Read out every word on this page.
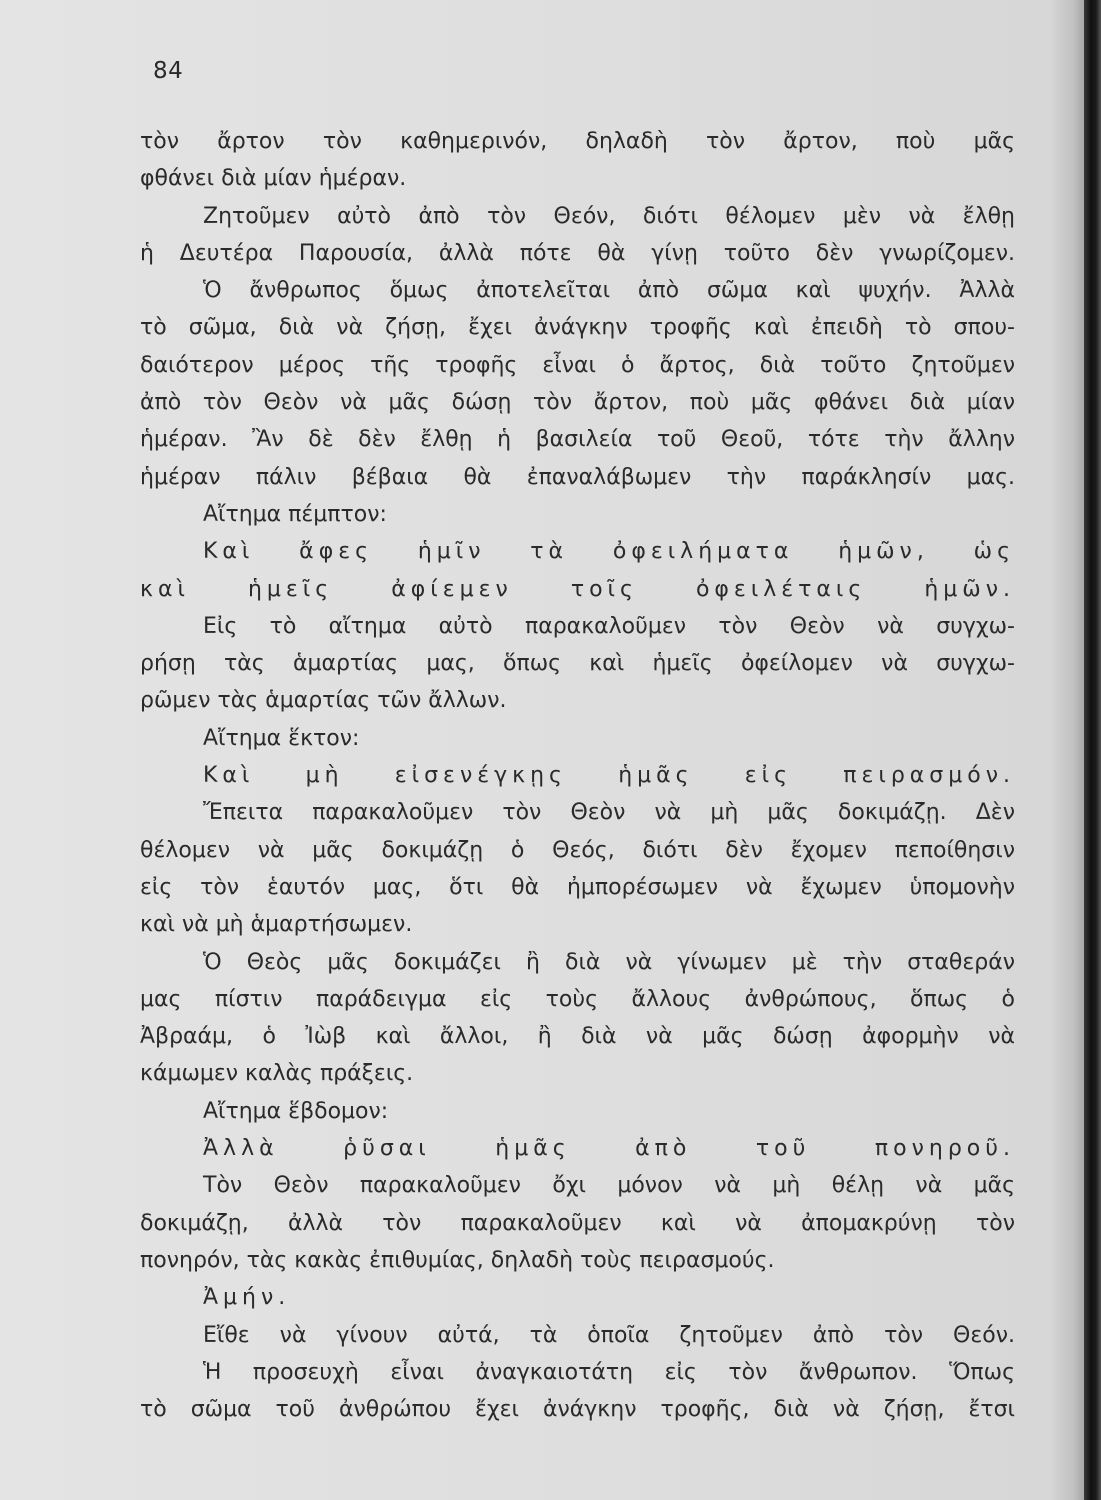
84
τὸν ἄρτον τὸν καθημερινόν, δηλαδὴ τὸν ἄρτον, ποὺ μᾶς
φθάνει διὰ μίαν ἡμέραν.
Ζητοῦμεν αὐτὸ ἀπὸ τὸν Θεόν, διότι θέλομεν μὲν νὰ ἔλθῃ
ἡ Δευτέρα Παρουσία, ἀλλὰ πότε θὰ γίνῃ τοῦτο δὲν γνωρίζομεν.
Ὁ ἄνθρωπος ὅμως ἀποτελεῖται ἀπὸ σῶμα καὶ ψυχήν. Ἀλλὰ
τὸ σῶμα, διὰ νὰ ζήσῃ, ἔχει ἀνάγκην τροφῆς καὶ ἐπειδὴ τὸ σπου-
δαιότερον μέρος τῆς τροφῆς εἶναι ὁ ἄρτος, διὰ τοῦτο ζητοῦμεν
ἀπὸ τὸν Θεὸν νὰ μᾶς δώσῃ τὸν ἄρτον, ποὺ μᾶς φθάνει διὰ μίαν
ἡμέραν. Ἂν δὲ δὲν ἔλθῃ ἡ βασιλεία τοῦ Θεοῦ, τότε τὴν ἄλλην
ἡμέραν πάλιν βέβαια θὰ ἐπαναλάβωμεν τὴν παράκλησίν μας.
Αἴτημα πέμπτον:
Καὶ ἄφες ἡμῖν τὰ ὀφειλήματα ἡμῶν, ὡς
καὶ ἡμεῖς ἀφίεμεν τοῖς ὀφειλέταις ἡμῶν.
Εἰς τὸ αἴτημα αὐτὸ παρακαλοῦμεν τὸν Θεὸν νὰ συγχω-
ρήσῃ τὰς ἁμαρτίας μας, ὅπως καὶ ἡμεῖς ὀφείλομεν νὰ συγχω-
ρῶμεν τὰς ἁμαρτίας τῶν ἄλλων.
Αἴτημα ἕκτον:
Καὶ μὴ εἰσενέγκῃς ἡμᾶς εἰς πειρασμόν.
Ἔπειτα παρακαλοῦμεν τὸν Θεὸν νὰ μὴ μᾶς δοκιμάζῃ. Δὲν
θέλομεν νὰ μᾶς δοκιμάζῃ ὁ Θεός, διότι δὲν ἔχομεν πεποίθησιν
εἰς τὸν ἑαυτόν μας, ὅτι θὰ ἠμπορέσωμεν νὰ ἔχωμεν ὑπομονὴν
καὶ νὰ μὴ ἁμαρτήσωμεν.
Ὁ Θεὸς μᾶς δοκιμάζει ἢ διὰ νὰ γίνωμεν μὲ τὴν σταθεράν
μας πίστιν παράδειγμα εἰς τοὺς ἄλλους ἀνθρώπους, ὅπως ὁ
Ἀβραάμ, ὁ Ἰὼβ καὶ ἄλλοι, ἢ διὰ νὰ μᾶς δώσῃ ἀφορμὴν νὰ
κάμωμεν καλὰς πράξεις.
Αἴτημα ἕβδομον:
Ἀλλὰ ῥῦσαι ἡμᾶς ἀπὸ τοῦ πονηροῦ.
Τὸν Θεὸν παρακαλοῦμεν ὄχι μόνον νὰ μὴ θέλῃ νὰ μᾶς
δοκιμάζῃ, ἀλλὰ τὸν παρακαλοῦμεν καὶ νὰ ἀπομακρύνῃ τὸν
πονηρόν, τὰς κακὰς ἐπιθυμίας, δηλαδὴ τοὺς πειρασμούς.
Ἀμήν.
Εἴθε νὰ γίνουν αὐτά, τὰ ὁποῖα ζητοῦμεν ἀπὸ τὸν Θεόν.
Ἡ προσευχὴ εἶναι ἀναγκαιοτάτη εἰς τὸν ἄνθρωπον. Ὅπως
τὸ σῶμα τοῦ ἀνθρώπου ἔχει ἀνάγκην τροφῆς, διὰ νὰ ζήσῃ, ἔτσι
